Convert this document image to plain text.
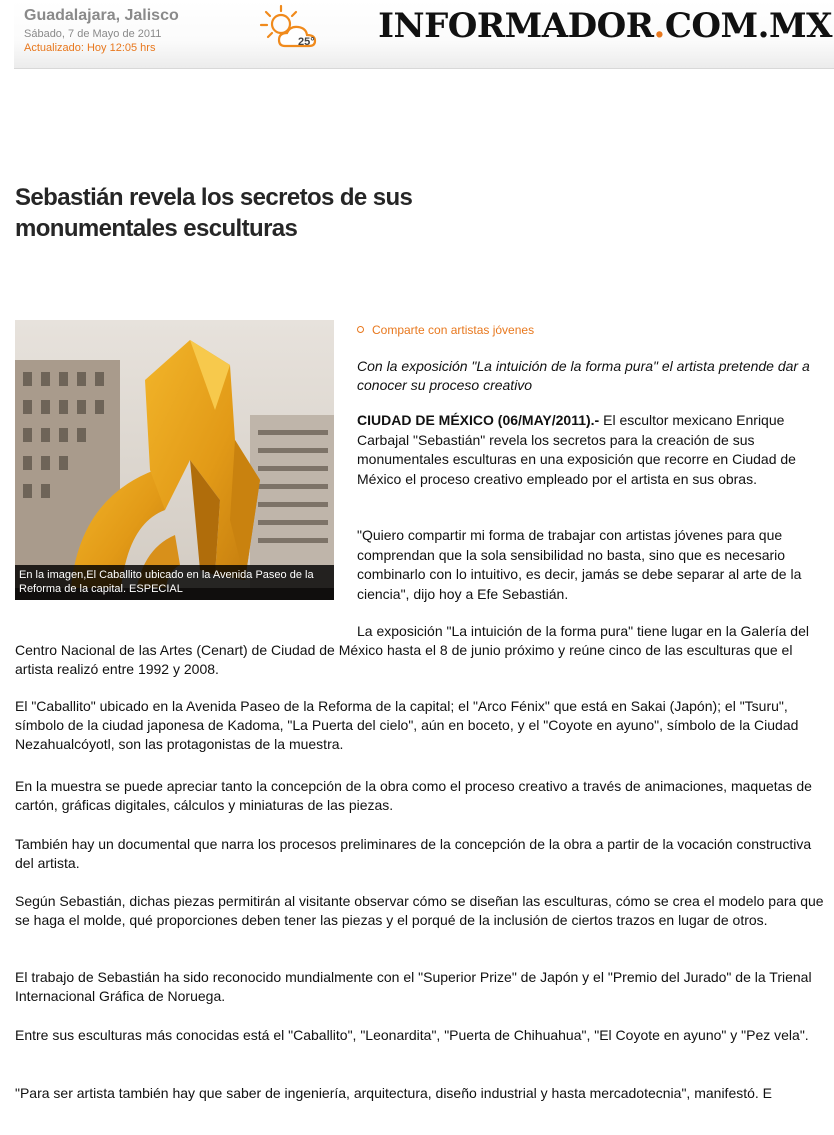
Guadalajara, Jalisco
Sábado, 7 de Mayo de 2011
Actualizado: Hoy 12:05 hrs	25° INFORMADOR.COM.MX
Sebastián revela los secretos de sus monumentales esculturas
En la imagen,El Caballito ubicado en la Avenida Paseo de la Reforma de la capital. ESPECIAL
Comparte con artistas jóvenes

Con la exposición "La intuición de la forma pura" el artista pretende dar a conocer su proceso creativo

CIUDAD DE MÉXICO (06/MAY/2011).- El escultor mexicano Enrique Carbajal "Sebastián" revela los secretos para la creación de sus monumentales esculturas en una exposición que recorre en Ciudad de México el proceso creativo empleado por el artista en sus obras.

"Quiero compartir mi forma de trabajar con artistas jóvenes para que comprendan que la sola sensibilidad no basta, sino que es necesario combinarlo con lo intuitivo, es decir, jamás se debe separar al arte de la ciencia", dijo hoy a Efe Sebastián.

La exposición "La intuición de la forma pura" tiene lugar en la Galería del Centro Nacional de las Artes (Cenart) de Ciudad de México hasta el 8 de junio próximo y reúne cinco de las esculturas que el artista realizó entre 1992 y 2008.

El "Caballito" ubicado en la Avenida Paseo de la Reforma de la capital; el "Arco Fénix" que está en Sakai (Japón); el "Tsuru", símbolo de la ciudad japonesa de Kadoma, "La Puerta del cielo", aún en boceto, y el "Coyote en ayuno", símbolo de la Ciudad Nezahualcóyotl, son las protagonistas de la muestra.

En la muestra se puede apreciar tanto la concepción de la obra como el proceso creativo a través de animaciones, maquetas de cartón, gráficas digitales, cálculos y miniaturas de las piezas.

También hay un documental que narra los procesos preliminares de la concepción de la obra a partir de la vocación constructiva del artista.

Según Sebastián, dichas piezas permitirán al visitante observar cómo se diseñan las esculturas, cómo se crea el modelo para que se haga el molde, qué proporciones deben tener las piezas y el porqué de la inclusión de ciertos trazos en lugar de otros.

El trabajo de Sebastián ha sido reconocido mundialmente con el "Superior Prize" de Japón y el "Premio del Jurado" de la Trienal Internacional Gráfica de Noruega.

Entre sus esculturas más conocidas está el "Caballito", "Leonardita", "Puerta de Chihuahua", "El Coyote en ayuno" y "Pez vela".

"Para ser artista también hay que saber de ingeniería, arquitectura, diseño industrial y hasta mercadotecnia", manifestó. E
